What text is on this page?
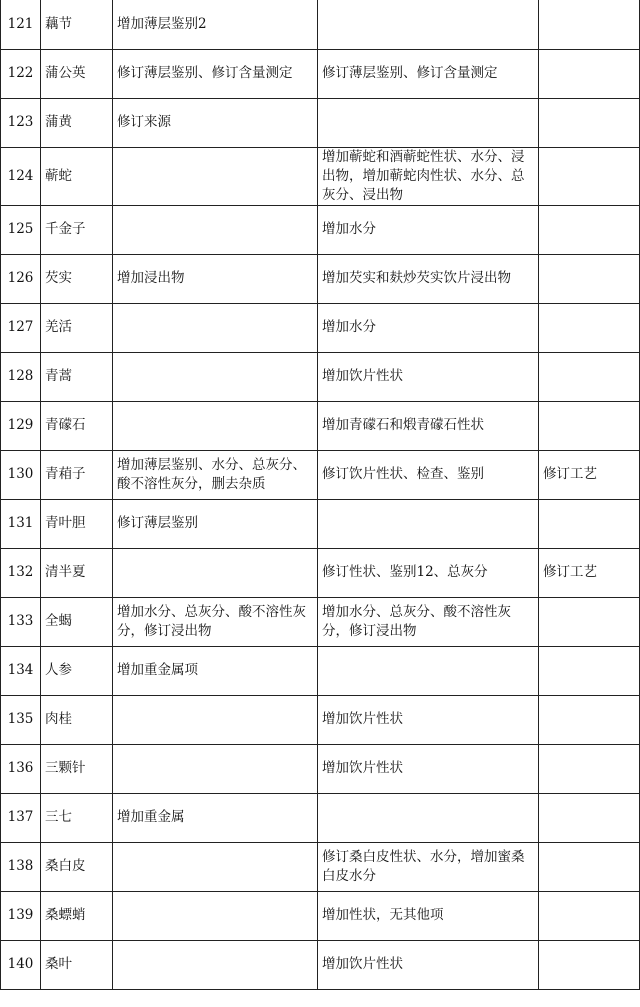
121	藕节	增加薄层鉴别2		
122	蒲公英	修订薄层鉴别、修订含量测定	修订薄层鉴别、修订含量测定	
123	蒲黄	修订来源		
124	蕲蛇		增加蕲蛇和酒蕲蛇性状、水分、浸出物，增加蕲蛇肉性状、水分、总灰分、浸出物	
125	千金子		增加水分	
126	芡实	增加浸出物	增加芡实和麸炒芡实饮片浸出物	
127	羌活		增加水分	
128	青蒿		增加饮片性状	
129	青礞石		增加青礞石和煅青礞石性状	
130	青葙子	增加薄层鉴别、水分、总灰分、酸不溶性灰分，删去杂质	修订饮片性状、检查、鉴别	修订工艺
131	青叶胆	修订薄层鉴别		
132	清半夏		修订性状、鉴别12、总灰分	修订工艺
133	全蝎	增加水分、总灰分、酸不溶性灰分，修订浸出物	增加水分、总灰分、酸不溶性灰分，修订浸出物	
134	人参	增加重金属项		
135	肉桂		增加饮片性状	
136	三颗针		增加饮片性状	
137	三七	增加重金属		
138	桑白皮		修订桑白皮性状、水分，增加蜜桑白皮水分	
139	桑螵蛸		增加性状，无其他项	
140	桑叶		增加饮片性状	
